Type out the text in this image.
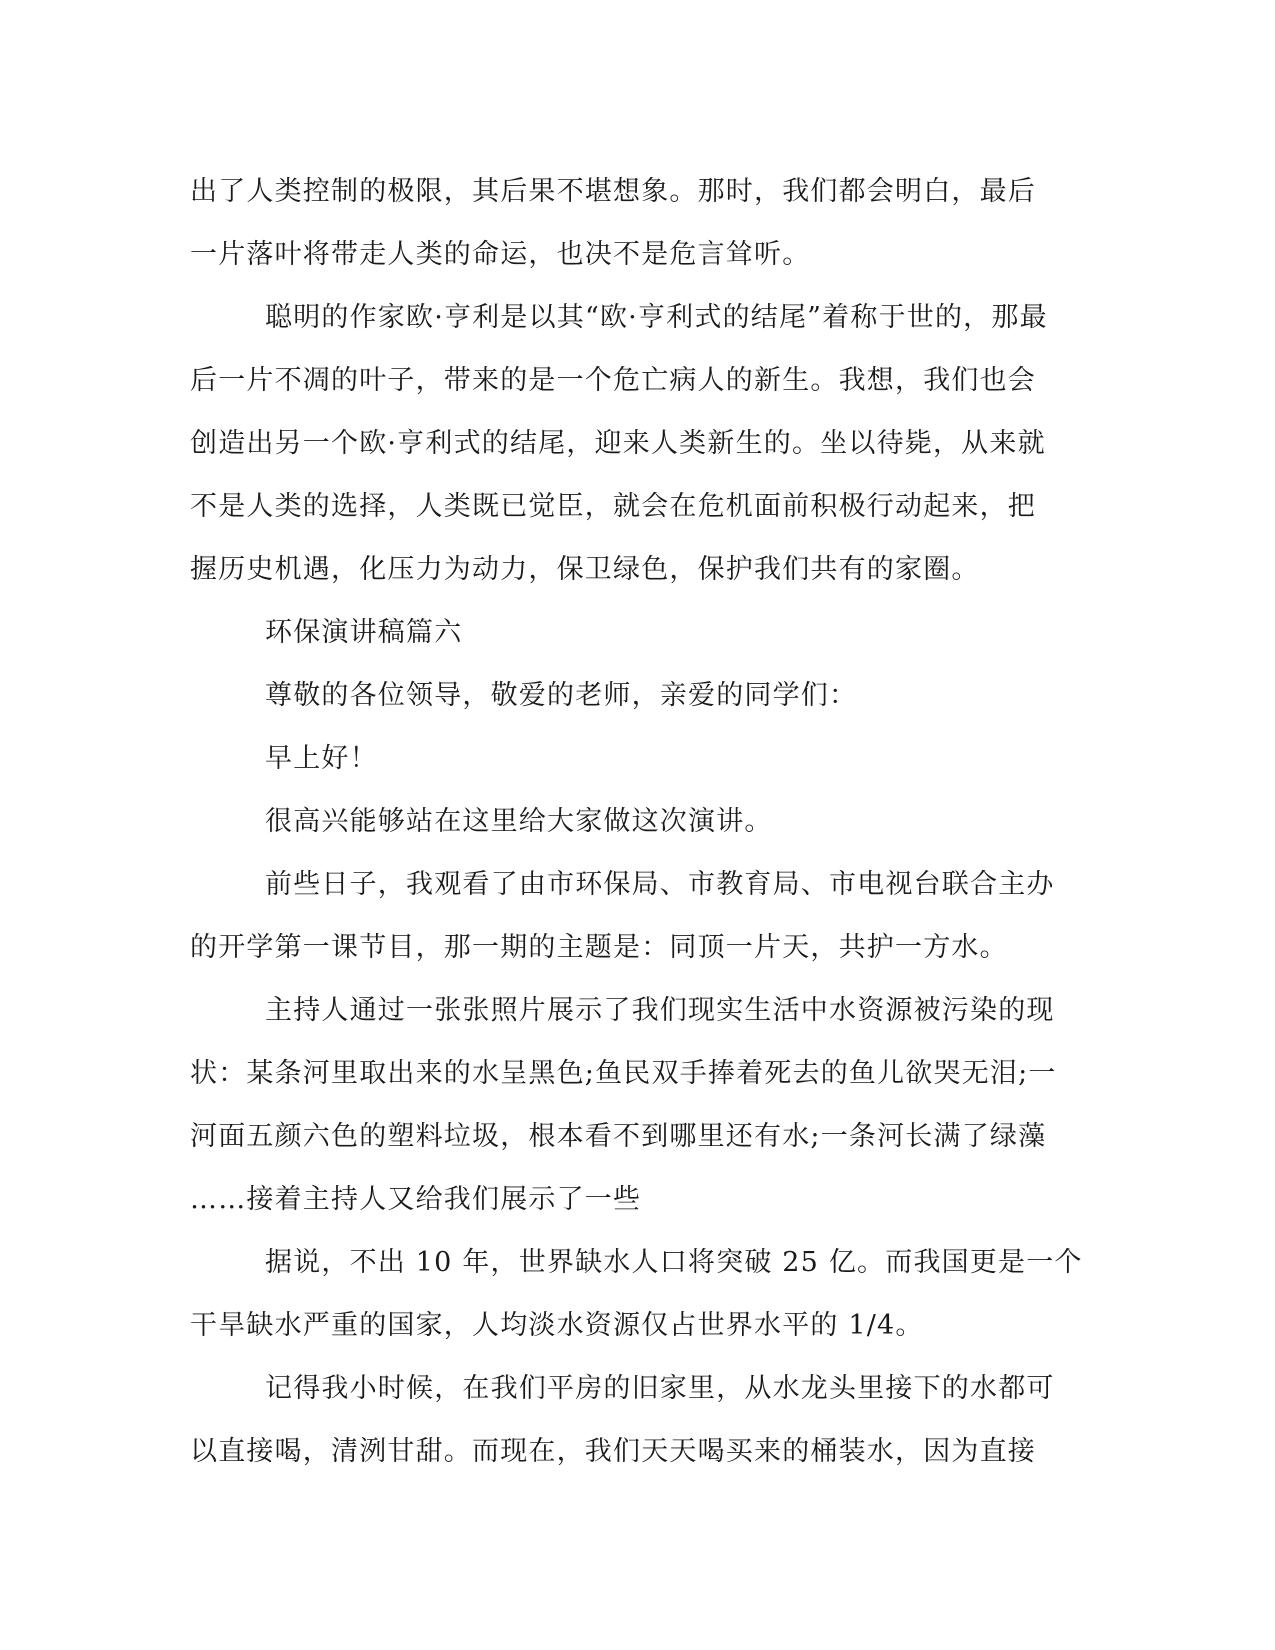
出了人类控制的极限，其后果不堪想象。那时，我们都会明白，最后
一片落叶将带走人类的命运，也决不是危言耸听。
聪明的作家欧·亨利是以其“欧·亨利式的结尾”着称于世的，那最
后一片不凋的叶子，带来的是一个危亡病人的新生。我想，我们也会
创造出另一个欧·亨利式的结尾，迎来人类新生的。坐以待毙，从来就
不是人类的选择，人类既已觉臣，就会在危机面前积极行动起来，把
握历史机遇，化压力为动力，保卫绿色，保护我们共有的家圈。
环保演讲稿篇六
尊敬的各位领导，敬爱的老师，亲爱的同学们：
早上好！
很高兴能够站在这里给大家做这次演讲。
前些日子，我观看了由市环保局、市教育局、市电视台联合主办
的开学第一课节目，那一期的主题是：同顶一片天，共护一方水。
主持人通过一张张照片展示了我们现实生活中水资源被污染的现
状：某条河里取出来的水呈黑色;鱼民双手捧着死去的鱼儿欲哭无泪;一
河面五颜六色的塑料垃圾，根本看不到哪里还有水;一条河长满了绿藻
……接着主持人又给我们展示了一些
据说，不出 10 年，世界缺水人口将突破 25 亿。而我国更是一个
干旱缺水严重的国家，人均淡水资源仅占世界水平的 1/4。
记得我小时候，在我们平房的旧家里，从水龙头里接下的水都可
以直接喝，清洌甘甜。而现在，我们天天喝买来的桶装水，因为直接
